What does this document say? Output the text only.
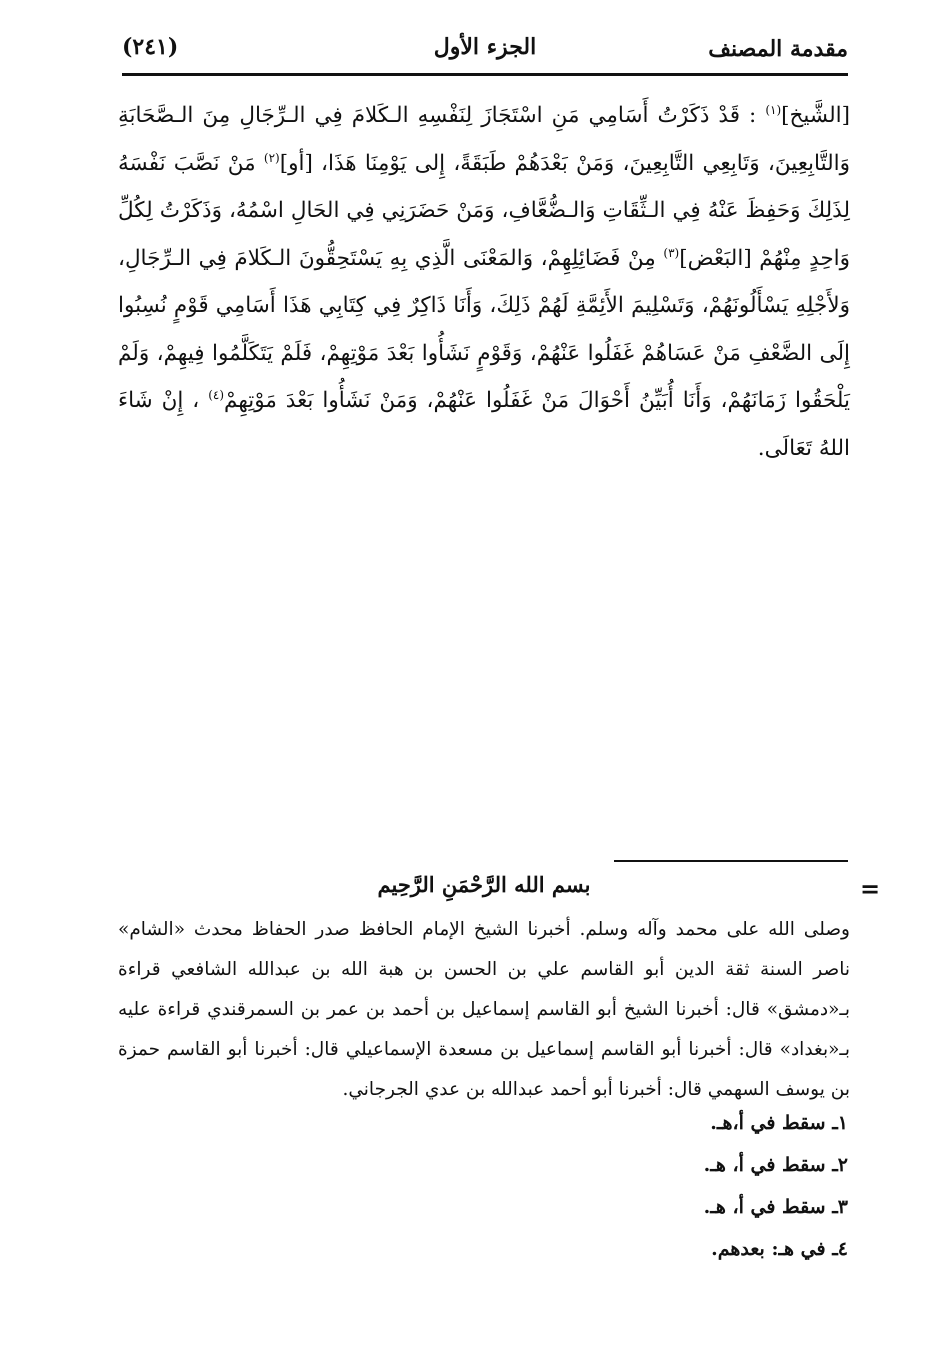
مقدمة المصنف
الجزء الأول
(٢٤١)

[الشَّيخ]$^{(١)}$ : قَدْ ذَكَرْتُ أَسَامِي مَنِ اسْتَجَازَ لِنَفْسِهِ الـكَلامَ فِي الـرِّجَالِ مِنَ الـصَّحَابَةِ وَالتَّابِعِينَ، وَتَابِعِي التَّابِعِينَ، وَمَنْ بَعْدَهُمْ طَبَقَةً، إِلى يَوْمِنَا هَذَا، [أو]$^{(٢)}$ مَنْ نَصَّبَ نَفْسَهُ لِذَلِكَ وَحَفِظَ عَنْهُ فِي الـثِّقَاتِ وَالـضُّعَّافِ، وَمَنْ حَضَرَنِي فِي الحَالِ اسْمُهُ، وَذَكَرْتُ لِكُلِّ وَاحِدٍ مِنْهُمْ [البَعْض]$^{(٣)}$ مِنْ فَضَائِلِهِمْ، وَالمَعْنَى الَّذِي بِهِ يَسْتَحِقُّونَ الـكَلامَ فِي الـرِّجَالِ، وَلأَجْلِهِ يَسْأَلُونَهُمْ، وَتَسْلِيمَ الأَئِمَّةِ لَهُمْ ذَلِكَ، وَأَنَا ذَاكِرٌ فِي كِتَابِي هَذَا أَسَامِي قَوْمٍ نُسِبُوا إِلَى الضَّعْفِ مَنْ عَسَاهُمْ غَفَلُوا عَنْهُمْ، وَقَوْمٍ نَشَأُوا بَعْدَ مَوْتِهِمْ، فَلَمْ يَتَكَلَّمُوا فِيهِمْ، وَلَمْ يَلْحَقُوا زَمَانَهُمْ، وَأَنَا أُبَيِّنُ أَحْوَالَ مَنْ غَفَلُوا عَنْهُمْ، وَمَنْ نَشَأُوا بَعْدَ مَوْتِهِمْ$^{(٤)}$ ، إِنْ شَاءَ اللهُ تَعَالَى.

=
بسم الله الرَّحْمَنِ الرَّحِيم

وصلى الله على محمد وآله وسلم. أخبرنا الشيخ الإمام الحافظ صدر الحفاظ محدث «الشام» ناصر السنة ثقة الدين أبو القاسم علي بن الحسن بن هبة الله بن عبدالله الشافعي قراءة بـ«دمشق» قال: أخبرنا الشيخ أبو القاسم إسماعيل بن أحمد بن عمر بن السمرقندي قراءة عليه بـ«بغداد» قال: أخبرنا أبو القاسم إسماعيل بن مسعدة الإسماعيلي قال: أخبرنا أبو القاسم حمزة بن يوسف السهمي قال: أخبرنا أبو أحمد عبدالله بن عدي الجرجاني.

١ـ سقط في أ،هـ.
٢ـ سقط في أ، هـ.
٣ـ سقط في أ، هـ.
٤ـ في هـ: بعدهم.
